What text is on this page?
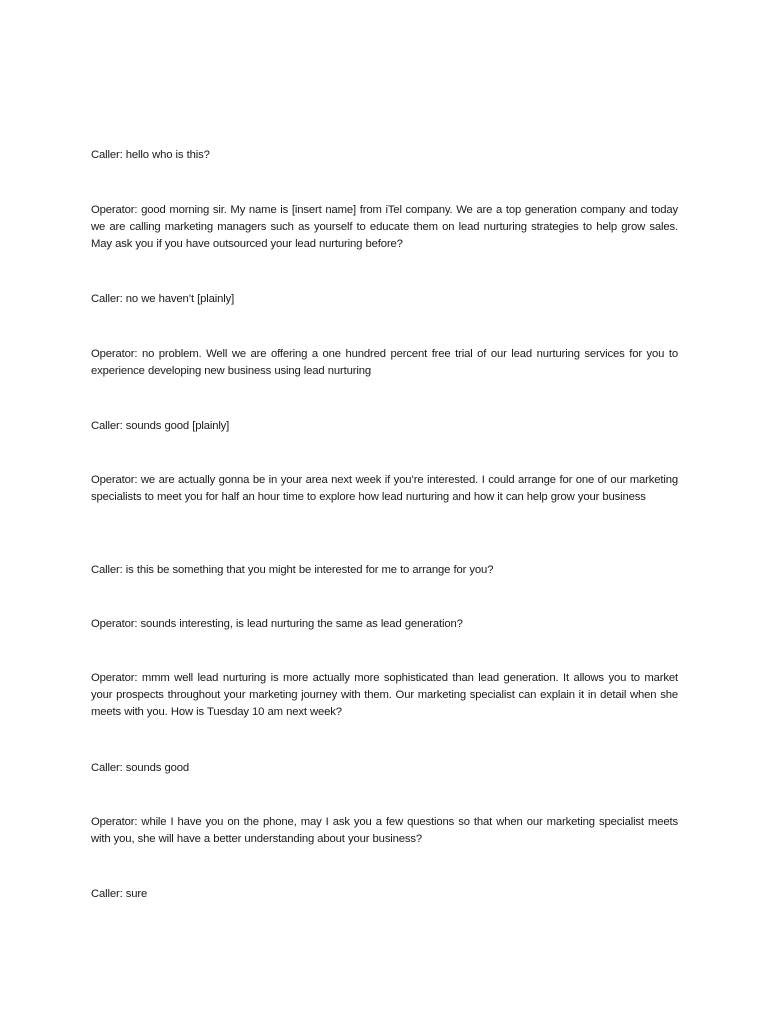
Caller: hello who is this?

Operator: good morning sir. My name is [insert name] from iTel company. We are a top generation company and today we are calling marketing managers such as yourself to educate them on lead nurturing strategies to help grow sales. May ask you if you have outsourced your lead nurturing before?

Caller: no we haven’t [plainly]

Operator: no problem. Well we are offering a one hundred percent free trial of our lead nurturing services for you to experience developing new business using lead nurturing

Caller: sounds good [plainly]

Operator: we are actually gonna be in your area next week if you’re interested. I could arrange for one of our marketing specialists to meet you for half an hour time to explore how lead nurturing and how it can help grow your business

Caller: is this be something that you might be interested for me to arrange for you?

Operator: sounds interesting, is lead nurturing the same as lead generation?

Operator: mmm well lead nurturing is more actually more sophisticated than lead generation. It allows you to market your prospects throughout your marketing journey with them. Our marketing specialist can explain it in detail when she meets with you. How is Tuesday 10 am next week?

Caller: sounds good

Operator: while I have you on the phone, may I ask you a few questions so that when our marketing specialist meets with you, she will have a better understanding about your business?

Caller: sure
